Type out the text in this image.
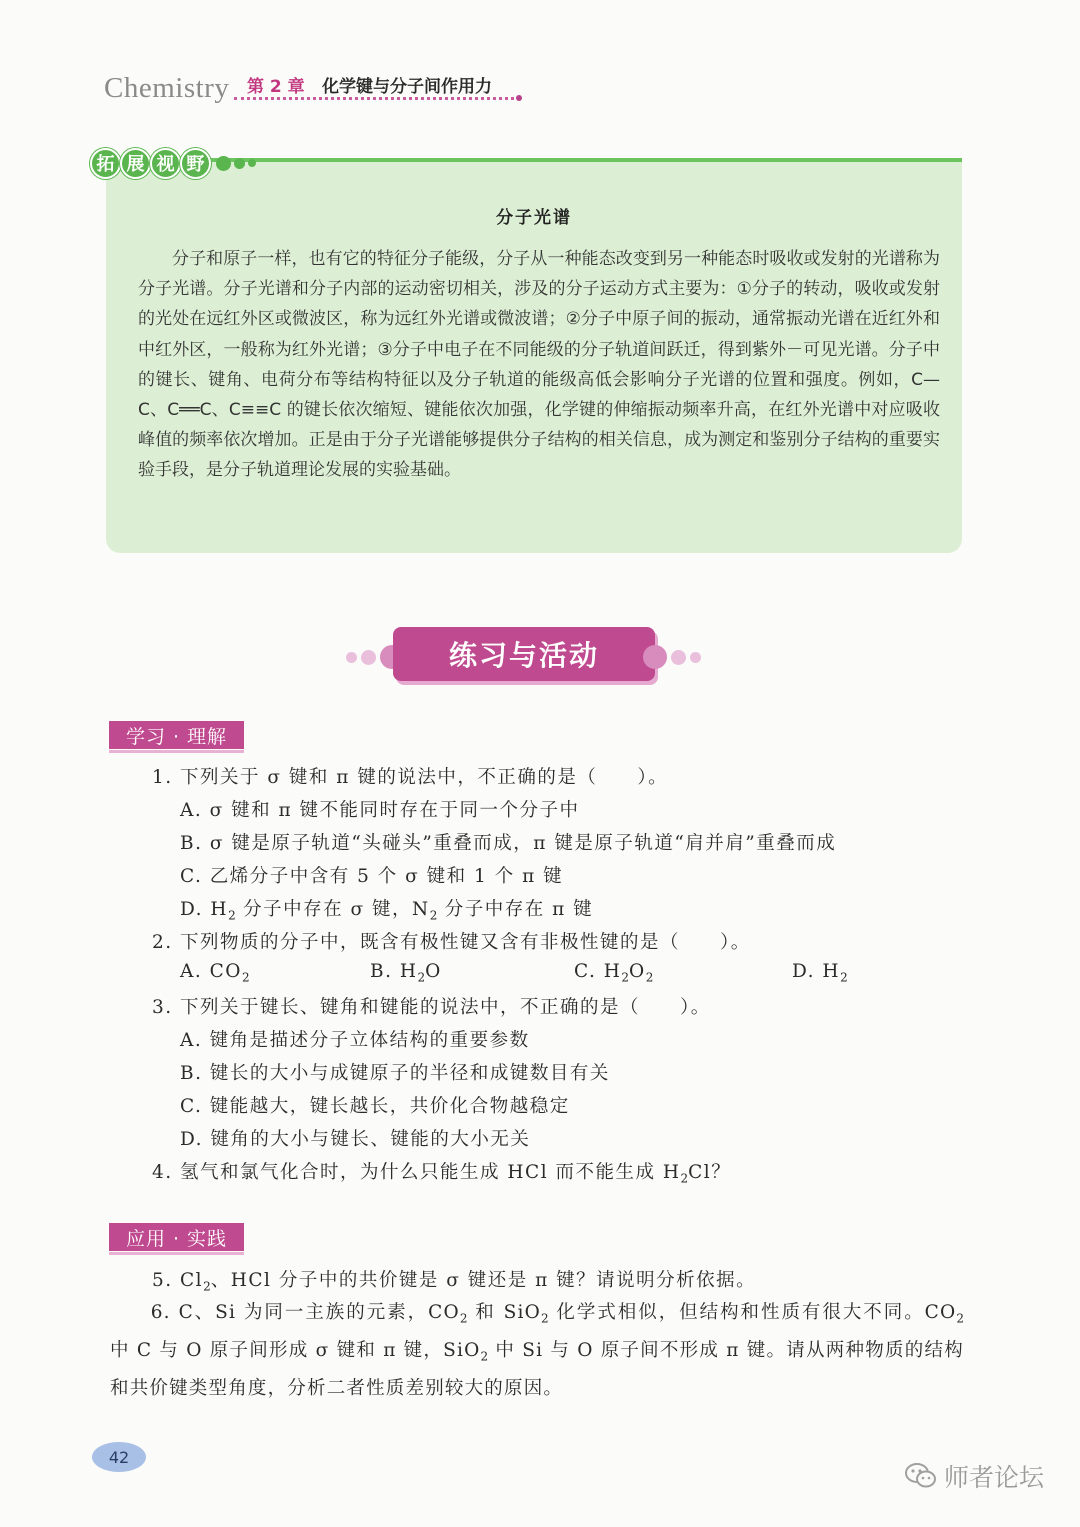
Chemistry 第 2 章 化学键与分子间作用力
拓 展 视 野
分子光谱

分子和原子一样，也有它的特征分子能级，分子从一种能态改变到另一种能态时吸收或发射的光谱称为分子光谱。分子光谱和分子内部的运动密切相关，涉及的分子运动方式主要为：①分子的转动，吸收或发射的光处在远红外区或微波区，称为远红外光谱或微波谱；②分子中原子间的振动，通常振动光谱在近红外和中红外区，一般称为红外光谱；③分子中电子在不同能级的分子轨道间跃迁，得到紫外－可见光谱。分子中的键长、键角、电荷分布等结构特征以及分子轨道的能级高低会影响分子光谱的位置和强度。例如，C—C、C══C、C≡≡C 的键长依次缩短、键能依次加强，化学键的伸缩振动频率升高，在红外光谱中对应吸收峰值的频率依次增加。正是由于分子光谱能够提供分子结构的相关信息，成为测定和鉴别分子结构的重要实验手段，是分子轨道理论发展的实验基础。

练习与活动
学习 · 理解
1. 下列关于 σ 键和 π 键的说法中，不正确的是（　　）。
A. σ 键和 π 键不能同时存在于同一个分子中
B. σ 键是原子轨道“头碰头”重叠而成，π 键是原子轨道“肩并肩”重叠而成
C. 乙烯分子中含有 5 个 σ 键和 1 个 π 键
D. $H_2$ 分子中存在 σ 键，$N_2$ 分子中存在 π 键
2. 下列物质的分子中，既含有极性键又含有非极性键的是（　　）。
A. $CO_2$	B. $H_2O$	C. $H_2O_2$	D. $H_2$
3. 下列关于键长、键角和键能的说法中，不正确的是（　　）。
A. 键角是描述分子立体结构的重要参数
B. 键长的大小与成键原子的半径和成键数目有关
C. 键能越大，键长越长，共价化合物越稳定
D. 键角的大小与键长、键能的大小无关
4. 氢气和氯气化合时，为什么只能生成 HCl 而不能生成 $H_2Cl$？
应用 · 实践
5. $Cl_2$、HCl 分子中的共价键是 σ 键还是 π 键？请说明分析依据。
6. C、Si 为同一主族的元素，$CO_2$ 和 SiO$_2$ 化学式相似，但结构和性质有很大不同。$CO_2$ 中 C 与 O 原子间形成 σ 键和 π 键，SiO$_2$ 中 Si 与 O 原子间不形成 π 键。请从两种物质的结构和共价键类型角度，分析二者性质差别较大的原因。
42
师者论坛
